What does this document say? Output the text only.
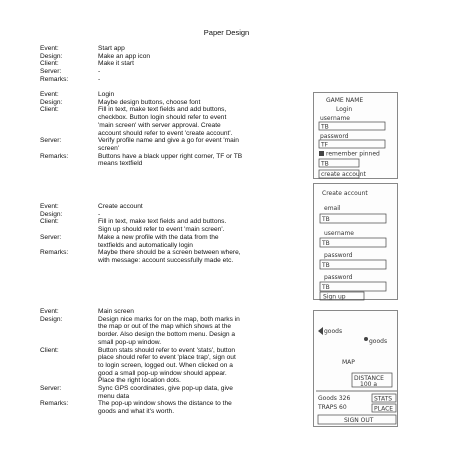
Paper Design
Event:	Start app
Design:	Make an app icon
Client:	Make it start
Server:	-
Remarks:	-
Event:	Login
Design:	Maybe design buttons, choose font
Client:	Fill in text, make text fields and add buttons,
checkbox. Button login should refer to event
'main screen' with server approval. Create
account should refer to event 'create account'.
Server:	Verify profile name and give a go for event 'main
screen'
Remarks:	Buttons have a black upper right corner, TF or TB
means textfield
Event:	Create account
Design:	-
Client:	Fill in text, make text fields and add buttons.
Sign up should refer to event 'main screen'.
Server:	Make a new profile with the data from the
textfields and automatically login
Remarks:	Maybe there should be a screen between where,
with message: account successfully made etc.
Event:	Main screen
Design:	Design nice marks for on the map, both marks in
the map or out of the map which shows at the
border. Also design the bottom menu. Design a
small pop-up window.
Client:	Button stats should refer to event 'stats', button
place should refer to event 'place trap', sign out
to login screen, logged out. When clicked on a
good a small pop-up window should appear.
Place the right location dots.
Server:	Sync GPS coordinates, give pop-up data, give
menu data
Remarks:	The pop-up window shows the distance to the
goods and what it's worth.
GAME NAME
Login
username
TB
password
TF
remember pinned
TB
create account
Create account
email
TB
username
TB
password
TB
password
TB
Sign up
goods
goods
MAP
DISTANCE
100 a
Goods 326
TRAPS 60
STATS
PLACE
SIGN OUT
